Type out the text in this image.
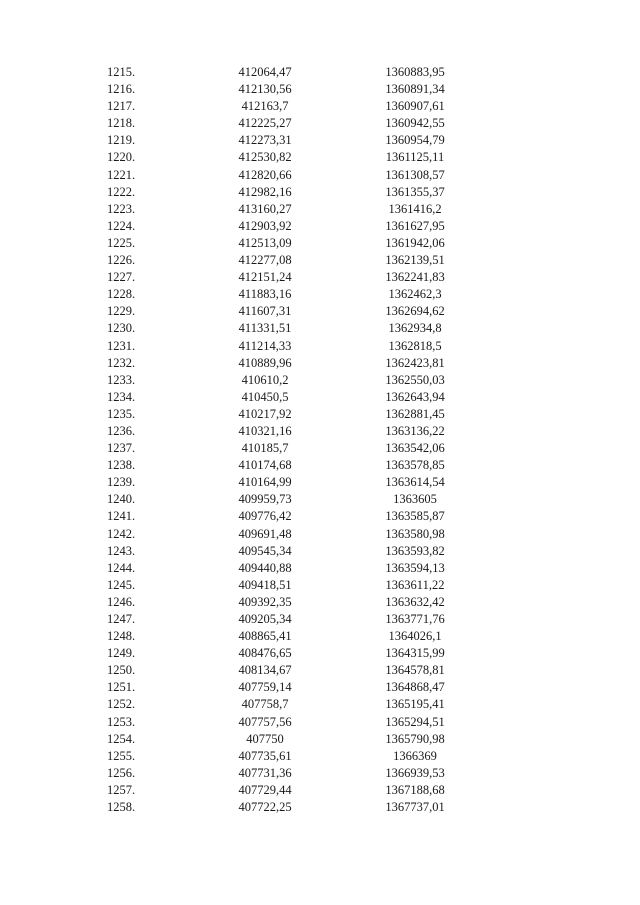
1215.	412064,47	1360883,95
1216.	412130,56	1360891,34
1217.	412163,7	1360907,61
1218.	412225,27	1360942,55
1219.	412273,31	1360954,79
1220.	412530,82	1361125,11
1221.	412820,66	1361308,57
1222.	412982,16	1361355,37
1223.	413160,27	1361416,2
1224.	412903,92	1361627,95
1225.	412513,09	1361942,06
1226.	412277,08	1362139,51
1227.	412151,24	1362241,83
1228.	411883,16	1362462,3
1229.	411607,31	1362694,62
1230.	411331,51	1362934,8
1231.	411214,33	1362818,5
1232.	410889,96	1362423,81
1233.	410610,2	1362550,03
1234.	410450,5	1362643,94
1235.	410217,92	1362881,45
1236.	410321,16	1363136,22
1237.	410185,7	1363542,06
1238.	410174,68	1363578,85
1239.	410164,99	1363614,54
1240.	409959,73	1363605
1241.	409776,42	1363585,87
1242.	409691,48	1363580,98
1243.	409545,34	1363593,82
1244.	409440,88	1363594,13
1245.	409418,51	1363611,22
1246.	409392,35	1363632,42
1247.	409205,34	1363771,76
1248.	408865,41	1364026,1
1249.	408476,65	1364315,99
1250.	408134,67	1364578,81
1251.	407759,14	1364868,47
1252.	407758,7	1365195,41
1253.	407757,56	1365294,51
1254.	407750	1365790,98
1255.	407735,61	1366369
1256.	407731,36	1366939,53
1257.	407729,44	1367188,68
1258.	407722,25	1367737,01
